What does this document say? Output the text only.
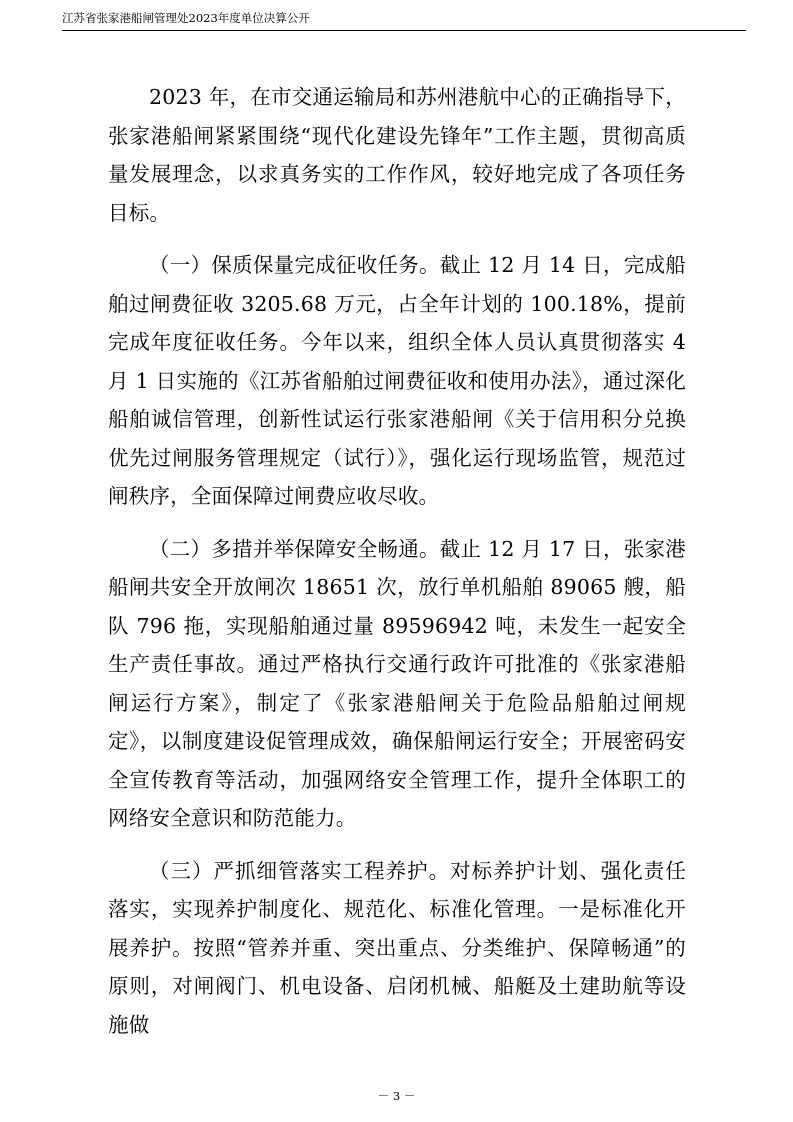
江苏省张家港船闸管理处2023年度单位决算公开

2023 年，在市交通运输局和苏州港航中心的正确指导下，张家港船闸紧紧围绕“现代化建设先锋年”工作主题，贯彻高质量发展理念，以求真务实的工作作风，较好地完成了各项任务目标。

（一）保质保量完成征收任务。截止 12 月 14 日，完成船舶过闸费征收 3205.68 万元，占全年计划的 100.18%，提前完成年度征收任务。今年以来，组织全体人员认真贯彻落实 4 月 1 日实施的《江苏省船舶过闸费征收和使用办法》，通过深化船舶诚信管理，创新性试运行张家港船闸《关于信用积分兑换优先过闸服务管理规定（试行）》，强化运行现场监管，规范过闸秩序，全面保障过闸费应收尽收。

（二）多措并举保障安全畅通。截止 12 月 17 日，张家港船闸共安全开放闸次 18651 次，放行单机船舶 89065 艘，船队 796 拖，实现船舶通过量 89596942 吨，未发生一起安全生产责任事故。通过严格执行交通行政许可批准的《张家港船闸运行方案》，制定了《张家港船闸关于危险品船舶过闸规定》，以制度建设促管理成效，确保船闸运行安全；开展密码安全宣传教育等活动，加强网络安全管理工作，提升全体职工的网络安全意识和防范能力。

（三）严抓细管落实工程养护。对标养护计划、强化责任落实，实现养护制度化、规范化、标准化管理。一是标准化开展养护。按照“管养并重、突出重点、分类维护、保障畅通”的原则，对闸阀门、机电设备、启闭机械、船艇及土建助航等设施做

－ 3 －
